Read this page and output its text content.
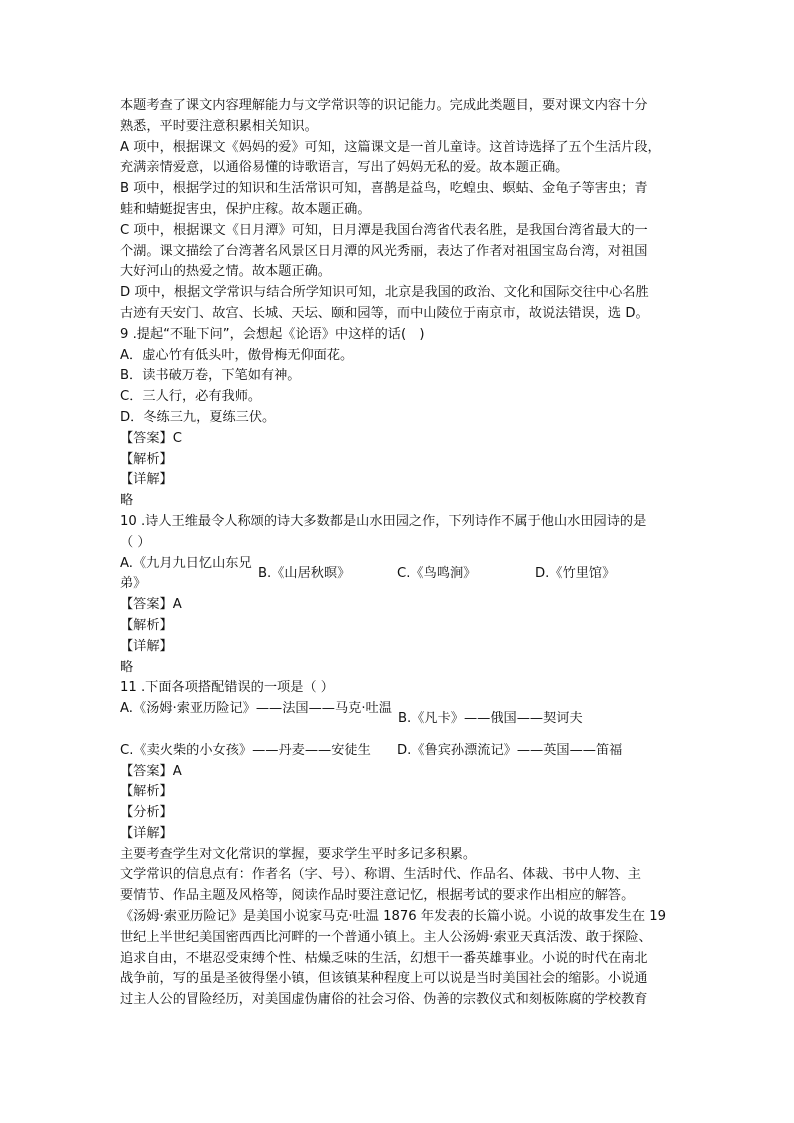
本题考查了课文内容理解能力与文学常识等的识记能力。完成此类题目，要对课文内容十分
熟悉，平时要注意积累相关知识。
A 项中，根据课文《妈妈的爱》可知，这篇课文是一首儿童诗。这首诗选择了五个生活片段，
充满亲情爱意，以通俗易懂的诗歌语言，写出了妈妈无私的爱。故本题正确。
B 项中，根据学过的知识和生活常识可知，喜鹊是益鸟，吃蝗虫、螟蛄、金龟子等害虫；青
蛙和蜻蜓捉害虫，保护庄稼。故本题正确。
C 项中，根据课文《日月潭》可知，日月潭是我国台湾省代表名胜，是我国台湾省最大的一
个湖。课文描绘了台湾著名风景区日月潭的风光秀丽，表达了作者对祖国宝岛台湾，对祖国
大好河山的热爱之情。故本题正确。
D 项中，根据文学常识与结合所学知识可知，北京是我国的政治、文化和国际交往中心名胜
古迹有天安门、故宫、长城、天坛、颐和园等，而中山陵位于南京市，故说法错误，选 D。
9 .提起“不耻下问”，会想起《论语》中这样的话(　)
A．虚心竹有低头叶，傲骨梅无仰面花。
B．读书破万卷，下笔如有神。
C．三人行，必有我师。
D．冬练三九，夏练三伏。
【答案】C
【解析】
【详解】
略
10 .诗人王维最令人称颂的诗大多数都是山水田园之作，下列诗作不属于他山水田园诗的是
（ ）
A.《九月九日忆山东兄弟》
B.《山居秋暝》	C.《鸟鸣涧》	D.《竹里馆》
【答案】A
【解析】
【详解】
略
11 .下面各项搭配错误的一项是（ ）
A.《汤姆·索亚历险记》——法国——马克·吐温
B.《凡卡》——俄国——契诃夫
C.《卖火柴的小女孩》——丹麦——安徒生	D.《鲁宾孙漂流记》——英国——笛福
【答案】A
【解析】
【分析】
【详解】
主要考查学生对文化常识的掌握，要求学生平时多记多积累。
文学常识的信息点有：作者名（字、号）、称谓、生活时代、作品名、体裁、书中人物、主
要情节、作品主题及风格等，阅读作品时要注意记忆，根据考试的要求作出相应的解答。
《汤姆·索亚历险记》是美国小说家马克·吐温 1876 年发表的长篇小说。小说的故事发生在 19
世纪上半世纪美国密西西比河畔的一个普通小镇上。主人公汤姆·索亚天真活泼、敢于探险、
追求自由，不堪忍受束缚个性、枯燥乏味的生活，幻想干一番英雄事业。小说的时代在南北
战争前，写的虽是圣彼得堡小镇，但该镇某种程度上可以说是当时美国社会的缩影。小说通
过主人公的冒险经历，对美国虚伪庸俗的社会习俗、伪善的宗教仪式和刻板陈腐的学校教育
